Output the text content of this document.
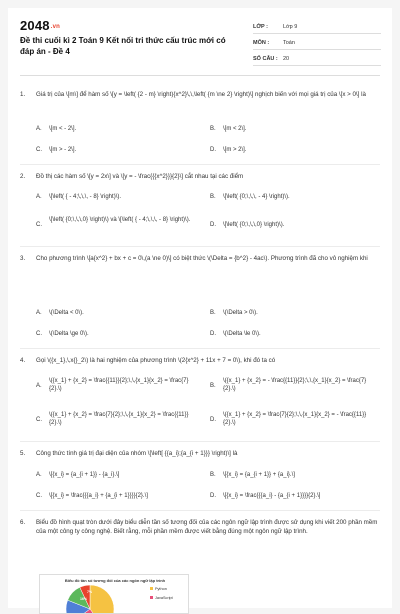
$2048^{.vn}$
Đề thi cuối kì 2 Toán 9 Kết nối tri thức cấu trúc mới có đáp án - Đề 4
LỚP :	Lớp 9
MÔN :	Toán
SỐ CÂU : 20
1.	Giá trị của \[m\] để hàm số \[y = \left( {2 - m} \right){x^2}\,\,\left( {m \ne 2} \right)\] nghịch biến với mọi giá trị của \[x > 0\] là
A.	\[m < - 2\].	B.	\[m < 2\].
C.	\[m > - 2\].	D.	\[m > 2\].
2.	Đồ thị các hàm số \[y = 2x\] và \[y = - \frac{{{x^2}}}{2}\] cắt nhau tại các điểm
A.	\[\left( { - 4;\,\,\, - 8} \right)\).	B.	\[\left( {0;\,\,\, - 4} \right)\).
C.
\[\left( {0;\,\,\,0} \right)\) và \[\left( { - 4;\,\,\, - 8} \right)\).
D.	\[\left( {0;\,\,\,0} \right)\).
3.	Cho phương trình \[a{x^2} + bx + c = 0\,(a \ne 0)\] có biệt thức \(\Delta = {b^2} - 4ac\). Phương trình đã cho vô nghiệm khi
A.	\(\Delta < 0\).	B.	\(\Delta > 0\).
C.	\(\Delta \ge 0\).	D.	\(\Delta \le 0\).
4.	Gọi \({x_1},\,x{}_2\) là hai nghiệm của phương trình \(2{x^2} + 11x + 7 = 0\), khi đó ta có
A.
\({x_1} + {x_2} = \frac{{11}}{2};\,\,{x_1}{x_2} = \frac{7}{2}.\)	B.
\({x_1} + {x_2} = - \frac{{11}}{2};\,\,{x_1}{x_2} = \frac{7}{2}.\)
C.
\({x_1} + {x_2} = \frac{7}{2};\,\,{x_1}{x_2} = \frac{{11}}{2}.\)	D.
\({x_1} + {x_2} = \frac{7}{2};\,\,{x_1}{x_2} = - \frac{{11}}{2}.\)
5.	Công thức tính giá trị đại diện của nhóm \[\left[ {{a_i};{a_{i + 1}}} \right)\] là
A.	\[{x_i} = {a_{i + 1}} - {a_i}.\]	B.	\[{x_i} = {a_{i + 1}} + {a_i}.\]
C.	\[{x_i} = \frac{{{a_i} + {a_{i + 1}}}}{2}.\]	D.	\[{x_i} = \frac{{{a_i} - {a_{i + 1}}}}{2}.\]
6.	Biểu đồ hình quạt tròn dưới đây biểu diễn tần số tương đối của các ngôn ngữ lập trình được sử dụng khi viết 200 phần mềm của một công ty công nghệ. Biết rằng, mỗi phần mềm được viết bằng đúng một ngôn ngữ lập trình.
Biểu đồ tần số tương đối của các ngôn ngữ lập trình
7%
16%
Python
JavaScript
